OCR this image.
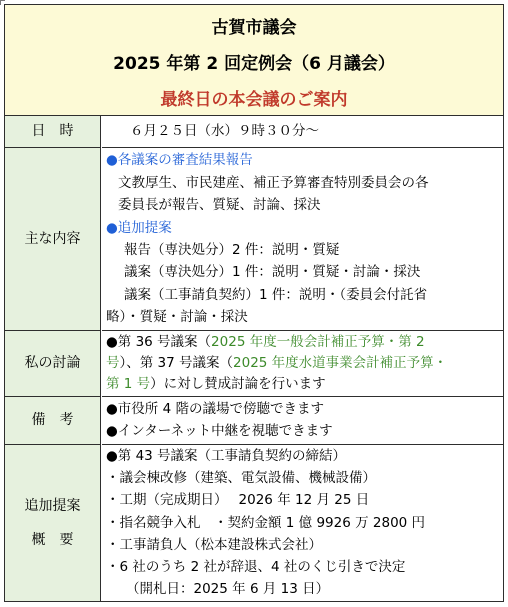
古賀市議会
2025 年第 2 回定例会（6 月議会）
最終日の本会議のご案内
日　時	６月２５日（水）９時３０分～
主な内容
●各議案の審査結果報告
文教厚生、市民建産、補正予算審査特別委員会の各
委員長が報告、質疑、討論、採決
●追加提案
報告（専決処分）2 件：説明・質疑
議案（専決処分）1 件：説明・質疑・討論・採決
議案（工事請負契約）1 件：説明・（委員会付託省
略）・質疑・討論・採決
私の討論
●第 36 号議案（2025 年度一般会計補正予算・第 2
号）、第 37 号議案（2025 年度水道事業会計補正予算・
第 1 号）に対し賛成討論を行います
備　考
●市役所 4 階の議場で傍聴できます
●インターネット中継を視聴できます
追加提案
概　要
●第 43 号議案（工事請負契約の締結）
・議会棟改修（建築、電気設備、機械設備）
・工期（完成期日）　 2026 年 12 月 25 日
・指名競争入札　・契約金額 1 億 9926 万 2800 円
・工事請負人（松本建設株式会社）
・6 社のうち 2 社が辞退、4 社のくじ引きで決定
（開札日：2025 年 6 月 13 日）
